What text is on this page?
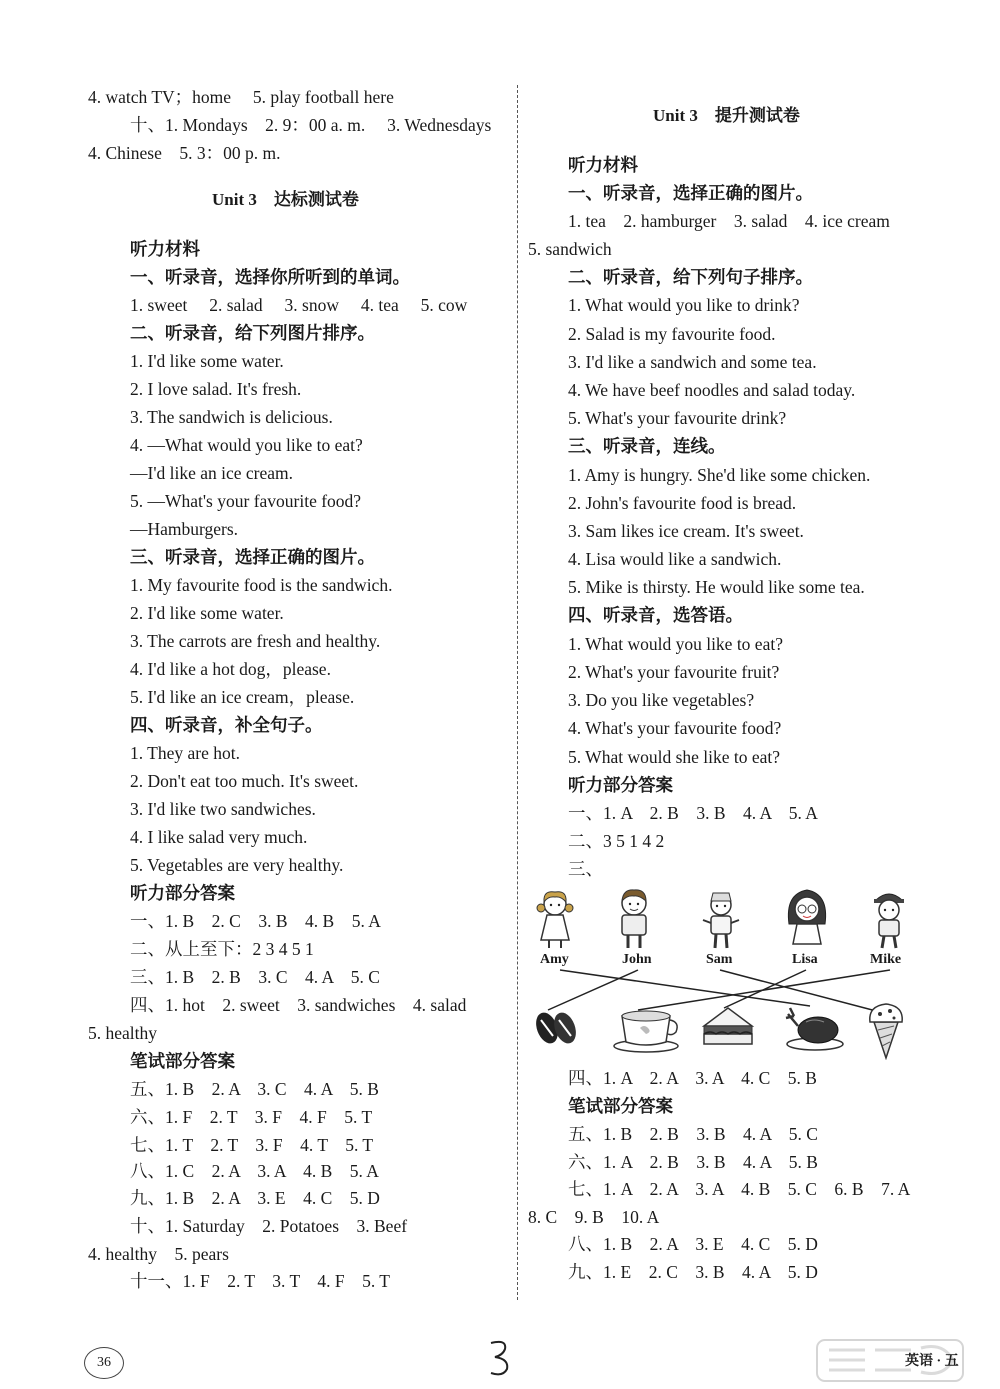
4. watch TV；home　 5. play football here
十、1. Mondays　2. 9：00 a. m.　 3. Wednesdays
4. Chinese　5. 3：00 p. m.
Unit 3　达标测试卷
听力材料
一、听录音，选择你所听到的单词。
1. sweet　 2. salad　 3. snow　 4. tea　 5. cow
二、听录音，给下列图片排序。
1. I'd like some water.
2. I love salad. It's fresh.
3. The sandwich is delicious.
4. —What would you like to eat?
—I'd like an ice cream.
5. —What's your favourite food?
—Hamburgers.
三、听录音，选择正确的图片。
1. My favourite food is the sandwich.
2. I'd like some water.
3. The carrots are fresh and healthy.
4. I'd like a hot dog，please.
5. I'd like an ice cream，please.
四、听录音，补全句子。
1. They are hot.
2. Don't eat too much. It's sweet.
3. I'd like two sandwiches.
4. I like salad very much.
5. Vegetables are very healthy.
听力部分答案
一、1. B　2. C　3. B　4. B　5. A
二、从上至下：2 3 4 5 1
三、1. B　2. B　3. C　4. A　5. C
四、1. hot　2. sweet　3. sandwiches　4. salad
5. healthy
笔试部分答案
五、1. B　2. A　3. C　4. A　5. B
六、1. F　2. T　3. F　4. F　5. T
七、1. T　2. T　3. F　4. T　5. T
八、1. C　2. A　3. A　4. B　5. A
九、1. B　2. A　3. E　4. C　5. D
十、1. Saturday　2. Potatoes　3. Beef
4. healthy　5. pears
十一、1. F　2. T　3. T　4. F　5. T
Unit 3　提升测试卷
听力材料
一、听录音，选择正确的图片。
1. tea　2. hamburger　3. salad　4. ice cream
5. sandwich
二、听录音，给下列句子排序。
1. What would you like to drink?
2. Salad is my favourite food.
3. I'd like a sandwich and some tea.
4. We have beef noodles and salad today.
5. What's your favourite drink?
三、听录音，连线。
1. Amy is hungry. She'd like some chicken.
2. John's favourite food is bread.
3. Sam likes ice cream. It's sweet.
4. Lisa would like a sandwich.
5. Mike is thirsty. He would like some tea.
四、听录音，选答语。
1. What would you like to eat?
2. What's your favourite fruit?
3. Do you like vegetables?
4. What's your favourite food?
5. What would she like to eat?
听力部分答案
一、1. A　2. B　3. B　4. A　5. A
二、3 5 1 4 2
三、
Amy	John	Sam	Lisa	Mike
四、1. A　2. A　3. A　4. C　5. B
笔试部分答案
五、1. B　2. B　3. B　4. A　5. C
六、1. A　2. B　3. B　4. A　5. B
七、1. A　2. A　3. A　4. B　5. C　6. B　7. A
8. C　9. B　10. A
八、1. B　2. A　3. E　4. C　5. D
九、1. E　2. C　3. B　4. A　5. D
36	英语 · 五
